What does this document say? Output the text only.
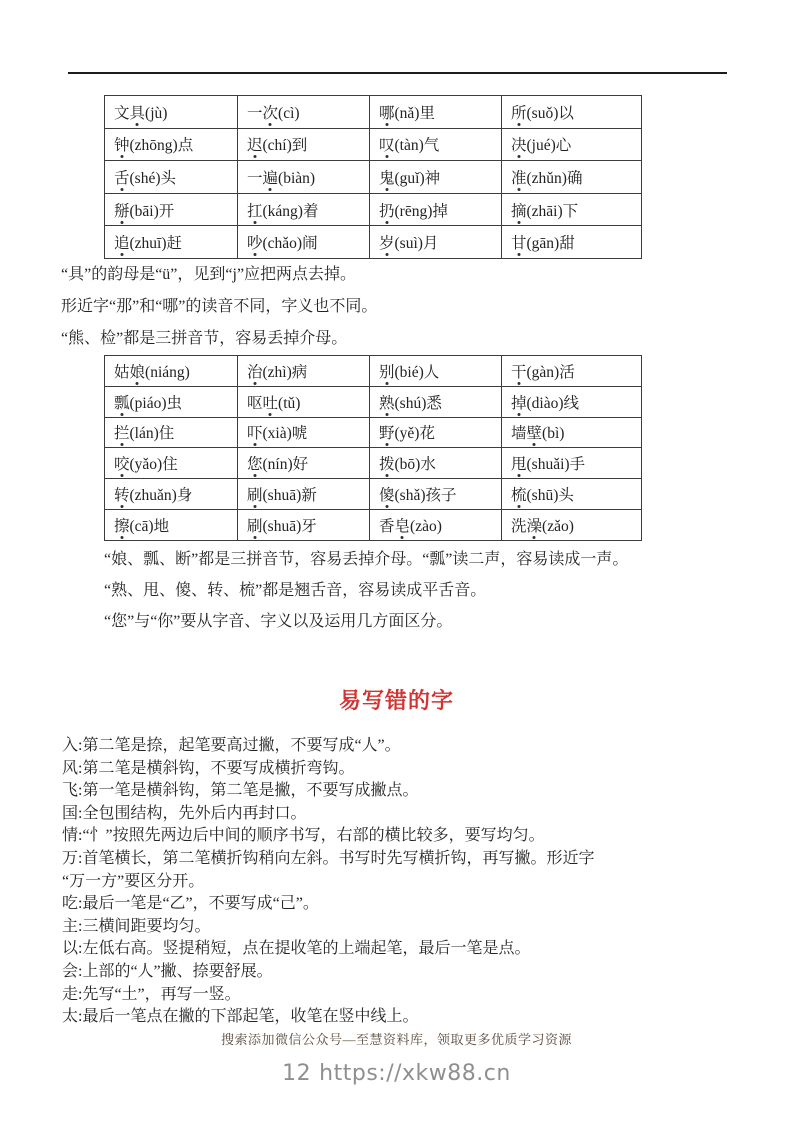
文具(jù)	一次(cì)	哪(nǎ)里	所(suǒ)以
钟(zhōng)点	迟(chí)到	叹(tàn)气	决(jué)心
舌(shé)头	一遍(biàn)	鬼(guǐ)神	准(zhǔn)确
掰(bāi)开	扛(káng)着	扔(rēng)掉	摘(zhāi)下
追(zhuī)赶	吵(chǎo)闹	岁(suì)月	甘(gān)甜
“具”的韵母是“ü”，见到“j”应把两点去掉。
形近字“那”和“哪”的读音不同，字义也不同。
“熊、检”都是三拼音节，容易丢掉介母。
姑娘(niáng)	治(zhì)病	别(bié)人	干(gàn)活
瓢(piáo)虫	呕吐(tǔ)	熟(shú)悉	掉(diào)线
拦(lán)住	吓(xià)唬	野(yě)花	墙壁(bì)
咬(yǎo)住	您(nín)好	拨(bō)水	甩(shuǎi)手
转(zhuǎn)身	刷(shuā)新	傻(shǎ)孩子	梳(shū)头
擦(cā)地	刷(shuā)牙	香皂(zào)	洗澡(zǎo)
“娘、瓢、断”都是三拼音节，容易丢掉介母。“瓢”读二声，容易读成一声。
“熟、甩、傻、转、梳”都是翘舌音，容易读成平舌音。
“您”与“你”要从字音、字义以及运用几方面区分。
易写错的字
入:第二笔是捺，起笔要高过撇，不要写成“人”。
风:第二笔是横斜钩，不要写成横折弯钩。
飞:第一笔是横斜钩，第二笔是撇，不要写成撇点。
国:全包围结构，先外后内再封口。
情:“忄”按照先两边后中间的顺序书写，右部的横比较多，要写均匀。
万:首笔横长，第二笔横折钩稍向左斜。书写时先写横折钩，再写撇。形近字
“万一方”要区分开。
吃:最后一笔是“乙”，不要写成“己”。
主:三横间距要均匀。
以:左低右高。竖提稍短，点在提收笔的上端起笔，最后一笔是点。
会:上部的“人”撇、捺要舒展。
走:先写“土”，再写一竖。
太:最后一笔点在撇的下部起笔，收笔在竖中线上。
搜索添加微信公众号—至慧资料库，领取更多优质学习资源
12 https://xkw88.cn
